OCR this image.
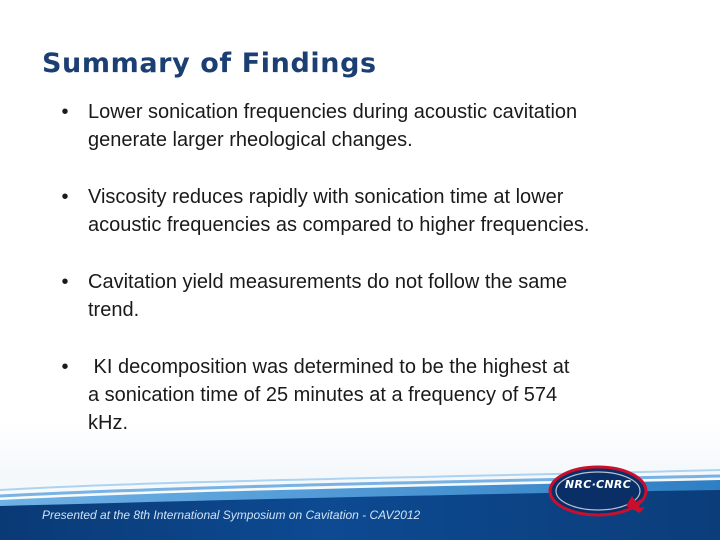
Summary of Findings
• Lower sonication frequencies during acoustic cavitation
generate larger rheological changes.
• Viscosity reduces rapidly with sonication time at lower
acoustic frequencies as compared to higher frequencies.
• Cavitation yield measurements do not follow the same
trend.
• KI decomposition was determined to be the highest at
a sonication time of 25 minutes at a frequency of 574
kHz.
NRC·CNRC
Presented at the 8th International Symposium on Cavitation - CAV2012
